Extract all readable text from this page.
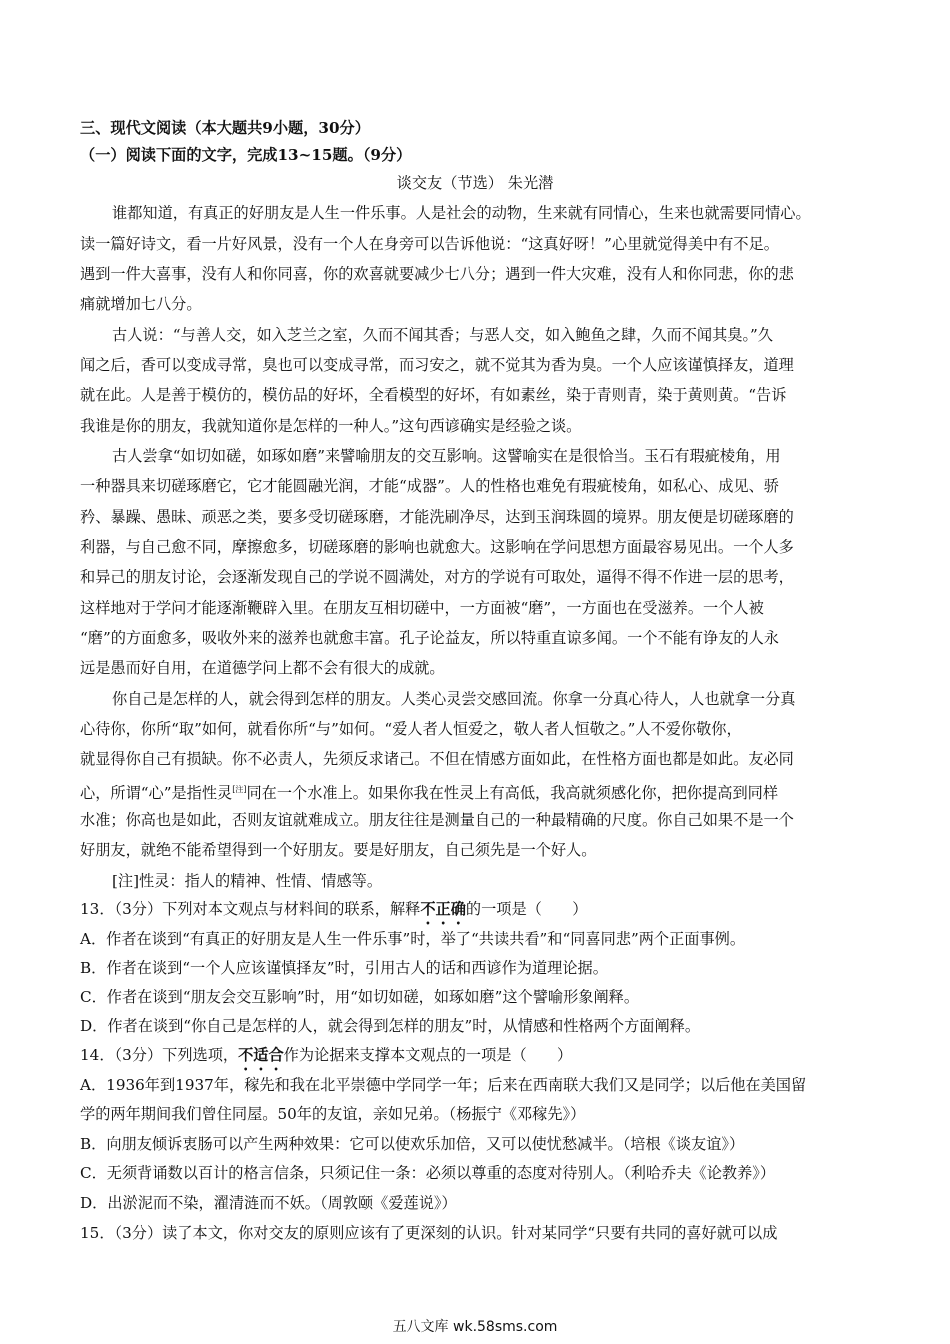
三、现代文阅读（本大题共9小题，30分）
（一）阅读下面的文字，完成13~15题。（9分）
谈交友（节选） 朱光潜
谁都知道，有真正的好朋友是人生一件乐事。人是社会的动物，生来就有同情心，生来也就需要同情心。
读一篇好诗文，看一片好风景，没有一个人在身旁可以告诉他说：“这真好呀！”心里就觉得美中有不足。
遇到一件大喜事，没有人和你同喜，你的欢喜就要减少七八分；遇到一件大灾难，没有人和你同悲，你的悲
痛就增加七八分。
古人说：“与善人交，如入芝兰之室，久而不闻其香；与恶人交，如入鲍鱼之肆，久而不闻其臭。”久
闻之后，香可以变成寻常，臭也可以变成寻常，而习安之，就不觉其为香为臭。一个人应该谨慎择友，道理
就在此。人是善于模仿的，模仿品的好坏，全看模型的好坏，有如素丝，染于青则青，染于黄则黄。“告诉
我谁是你的朋友，我就知道你是怎样的一种人。”这句西谚确实是经验之谈。
古人尝拿“如切如磋，如琢如磨”来譬喻朋友的交互影响。这譬喻实在是很恰当。玉石有瑕疵棱角，用
一种器具来切磋琢磨它，它才能圆融光润，才能“成器”。人的性格也难免有瑕疵棱角，如私心、成见、骄
矜、暴躁、愚昧、顽恶之类，要多受切磋琢磨，才能洗刷净尽，达到玉润珠圆的境界。朋友便是切磋琢磨的
利器，与自己愈不同，摩擦愈多，切磋琢磨的影响也就愈大。这影响在学问思想方面最容易见出。一个人多
和异己的朋友讨论，会逐渐发现自己的学说不圆满处，对方的学说有可取处，逼得不得不作进一层的思考，
这样地对于学问才能逐渐鞭辟入里。在朋友互相切磋中，一方面被“磨”，一方面也在受滋养。一个人被
“磨”的方面愈多，吸收外来的滋养也就愈丰富。孔子论益友，所以特重直谅多闻。一个不能有诤友的人永
远是愚而好自用，在道德学问上都不会有很大的成就。
你自己是怎样的人，就会得到怎样的朋友。人类心灵尝交感回流。你拿一分真心待人，人也就拿一分真
心待你，你所“取”如何，就看你所“与”如何。“爱人者人恒爱之，敬人者人恒敬之。”人不爱你敬你，
就显得你自己有损缺。你不必责人，先须反求诸己。不但在情感方面如此，在性格方面也都是如此。友必同
心，所谓“心”是指性灵[注]同在一个水准上。如果你我在性灵上有高低，我高就须感化你，把你提高到同样
水准；你高也是如此，否则友谊就难成立。朋友往往是测量自己的一种最精确的尺度。你自己如果不是一个
好朋友，就绝不能希望得到一个好朋友。要是好朋友，自己须先是一个好人。
[注]性灵：指人的精神、性情、情感等。
13．（3分）下列对本文观点与材料间的联系，解释不正确的一项是（　　）
A．作者在谈到“有真正的好朋友是人生一件乐事”时，举了“共读共看”和“同喜同悲”两个正面事例。
B．作者在谈到“一个人应该谨慎择友”时，引用古人的话和西谚作为道理论据。
C．作者在谈到“朋友会交互影响”时，用“如切如磋，如琢如磨”这个譬喻形象阐释。
D．作者在谈到“你自己是怎样的人，就会得到怎样的朋友”时，从情感和性格两个方面阐释。
14．（3分）下列选项，不适合作为论据来支撑本文观点的一项是（　　）
A．1936年到1937年，稼先和我在北平崇德中学同学一年；后来在西南联大我们又是同学；以后他在美国留
学的两年期间我们曾住同屋。50年的友谊，亲如兄弟。（杨振宁《邓稼先》）
B．向朋友倾诉衷肠可以产生两种效果：它可以使欢乐加倍，又可以使忧愁减半。（培根《谈友谊》）
C．无须背诵数以百计的格言信条，只须记住一条：必须以尊重的态度对待别人。（利哈乔夫《论教养》）
D．出淤泥而不染，濯清涟而不妖。（周敦颐《爱莲说》）
15．（3分）读了本文，你对交友的原则应该有了更深刻的认识。针对某同学“只要有共同的喜好就可以成
五八文库 wk.58sms.com
